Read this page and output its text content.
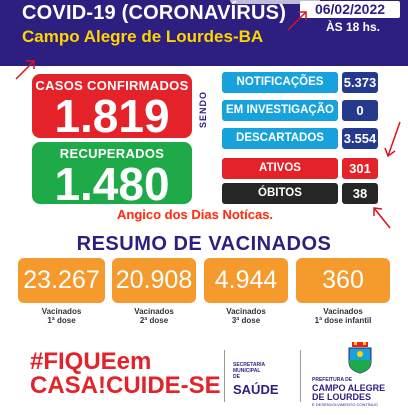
COVID-19 (CORONAVÍRUS)
Campo Alegre de Lourdes-BA
06/02/2022
ÀS 18 hs.
CASOS CONFIRMADOS
1.819
RECUPERADOS
1.480
SENDO
NOTIFICAÇÕES	5.373
EM INVESTIGAÇÃO	0
DESCARTADOS	3.554
ATIVOS	301
ÓBITOS	38
Angico dos Dias Notícas.
RESUMO DE VACINADOS
23.267 20.908 4.944	360
Vacinados
1ª dose
Vacinados
2ª dose
Vacinados
3ª dose
Vacinados
1ª dose infantil
#FIQUEem
CASA!CUIDE-SE
SECRETARIA
MUNICIPAL
DE
SAÚDE
PREFEITURA DE
CAMPO ALEGRE
DE LOURDES
É DESENVOLVIMENTO CONTÍNUO
